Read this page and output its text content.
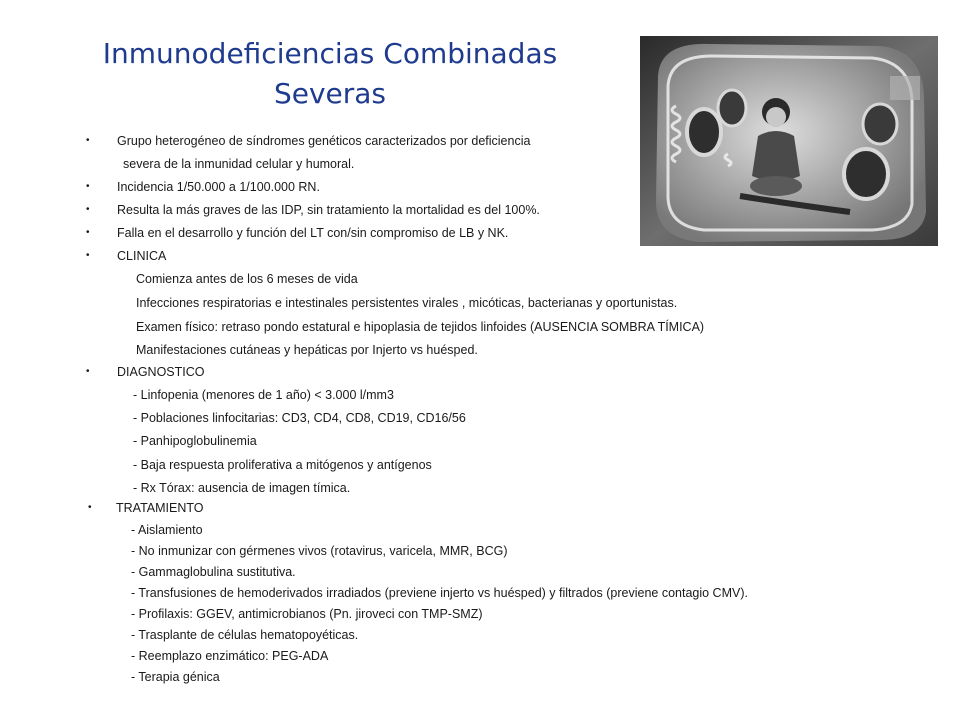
Inmunodeficiencias Combinadas
Severas
• Grupo heterogéneo de síndromes genéticos caracterizados por deficiencia
severa de la inmunidad celular y humoral.
• Incidencia 1/50.000 a 1/100.000 RN.
• Resulta la más graves de las IDP, sin tratamiento la mortalidad es del 100%.
• Falla en el desarrollo y función del LT con/sin compromiso de LB y NK.
• CLINICA
Comienza antes de los 6 meses de vida
Infecciones respiratorias e intestinales persistentes virales , micóticas, bacterianas y oportunistas.
Examen físico: retraso pondo estatural e hipoplasia de tejidos linfoides (AUSENCIA SOMBRA TÍMICA)
Manifestaciones cutáneas y hepáticas por Injerto vs huésped.
• DIAGNOSTICO
- Linfopenia (menores de 1 año) < 3.000 l/mm3
- Poblaciones linfocitarias: CD3, CD4, CD8, CD19, CD16/56
- Panhipoglobulinemia
- Baja respuesta proliferativa a mitógenos y antígenos
- Rx Tórax: ausencia de imagen tímica.
• TRATAMIENTO
- Aislamiento
- No inmunizar con gérmenes vivos (rotavirus, varicela, MMR, BCG)
- Gammaglobulina sustitutiva.
- Transfusiones de hemoderivados irradiados (previene injerto vs huésped) y filtrados (previene contagio CMV).
- Profilaxis: GGEV, antimicrobianos (Pn. jiroveci con TMP-SMZ)
- Trasplante de células hematopoyéticas.
- Reemplazo enzimático: PEG-ADA
- Terapia génica
